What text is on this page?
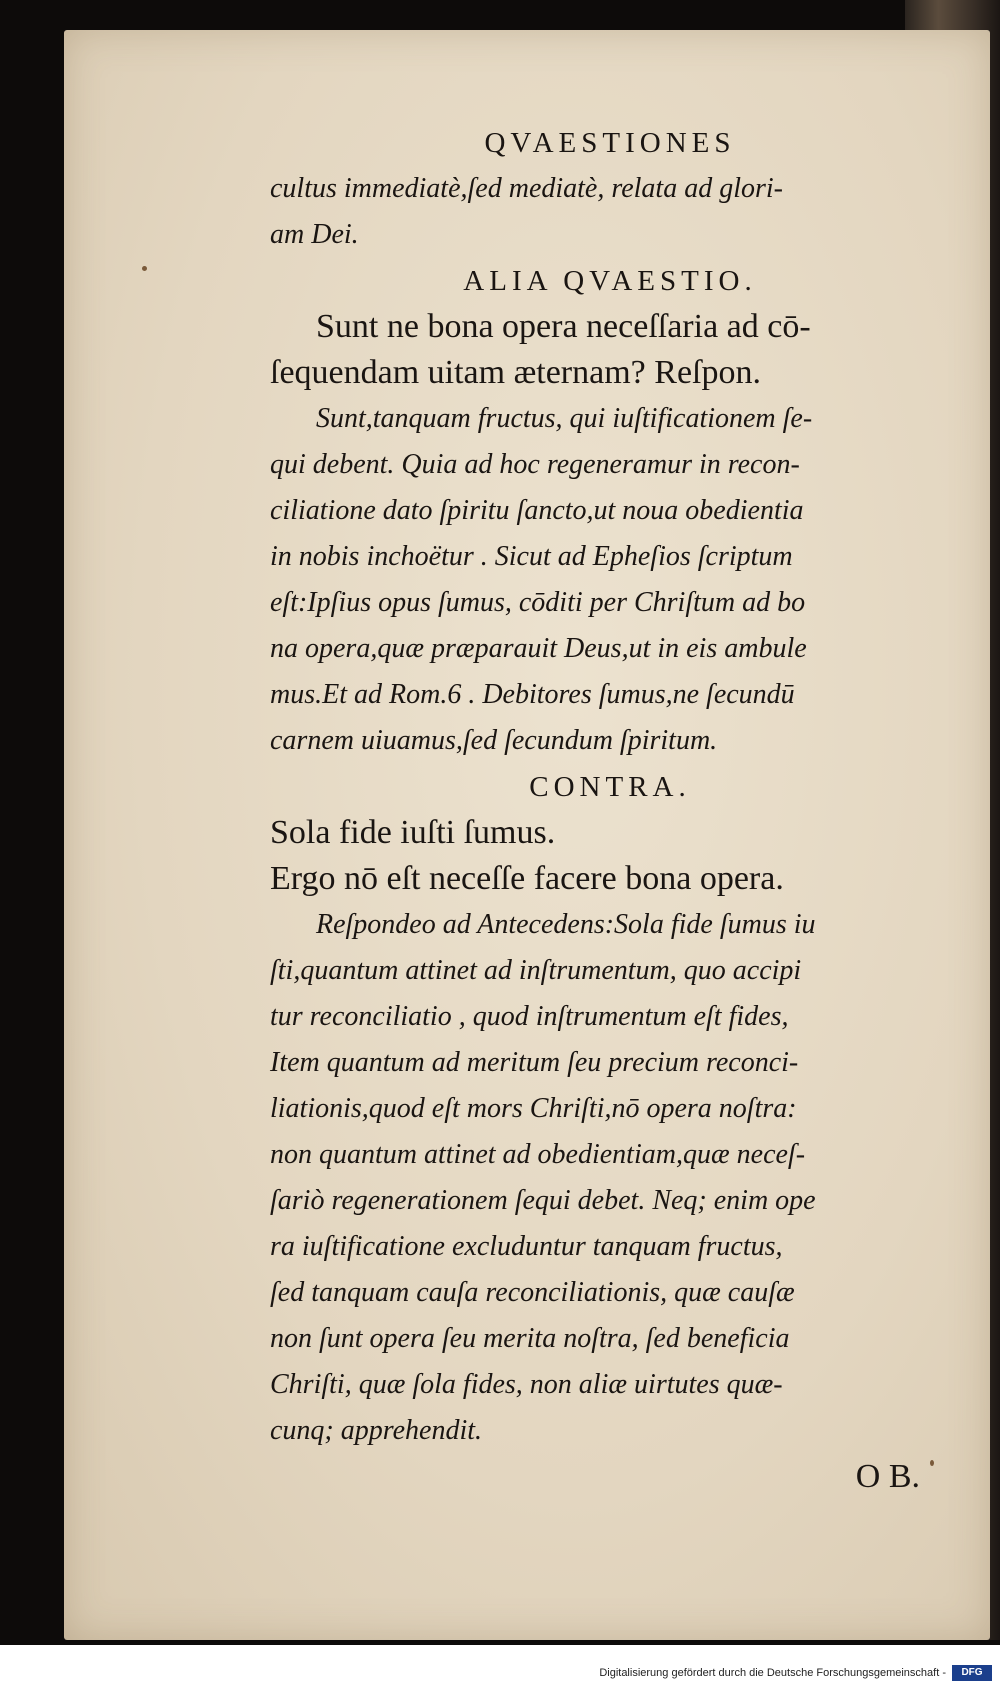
QVAESTIONES
cultus immediatè,ſed mediatè, relata ad glori-
am Dei.
ALIA QVAESTIO.
Sunt ne bona opera neceſſaria ad cō-
ſequendam uitam æternam? Reſpon.
Sunt,tanquam fructus, qui iuſtificationem ſe-
qui debent. Quia ad hoc regeneramur in recon-
ciliatione dato ſpiritu ſancto,ut noua obedientia
in nobis inchoëtur . Sicut ad Epheſios ſcriptum
eſt:Ipſius opus ſumus, cōditi per Chriſtum ad bo
na opera,quæ præparauit Deus,ut in eis ambule
mus.Et ad Rom.6 . Debitores ſumus,ne ſecundū
carnem uiuamus,ſed ſecundum ſpiritum.
CONTRA.
Sola fide iuſti ſumus.
Ergo nō eſt neceſſe facere bona opera.
Reſpondeo ad Antecedens:Sola fide ſumus iu
ſti,quantum attinet ad inſtrumentum, quo accipi
tur reconciliatio , quod inſtrumentum eſt fides,
Item quantum ad meritum ſeu precium reconci-
liationis,quod eſt mors Chriſti,nō opera noſtra:
non quantum attinet ad obedientiam,quæ neceſ-
ſariò regenerationem ſequi debet. Neq; enim ope
ra iuſtificatione excluduntur tanquam fructus,
ſed tanquam cauſa reconciliationis, quæ cauſæ
non ſunt opera ſeu merita noſtra, ſed beneficia
Chriſti, quæ ſola fides, non aliæ uirtutes quæ-
cunq; apprehendit.
O B.
Digitalisierung gefördert durch die Deutsche Forschungsgemeinschaft -	DFG
